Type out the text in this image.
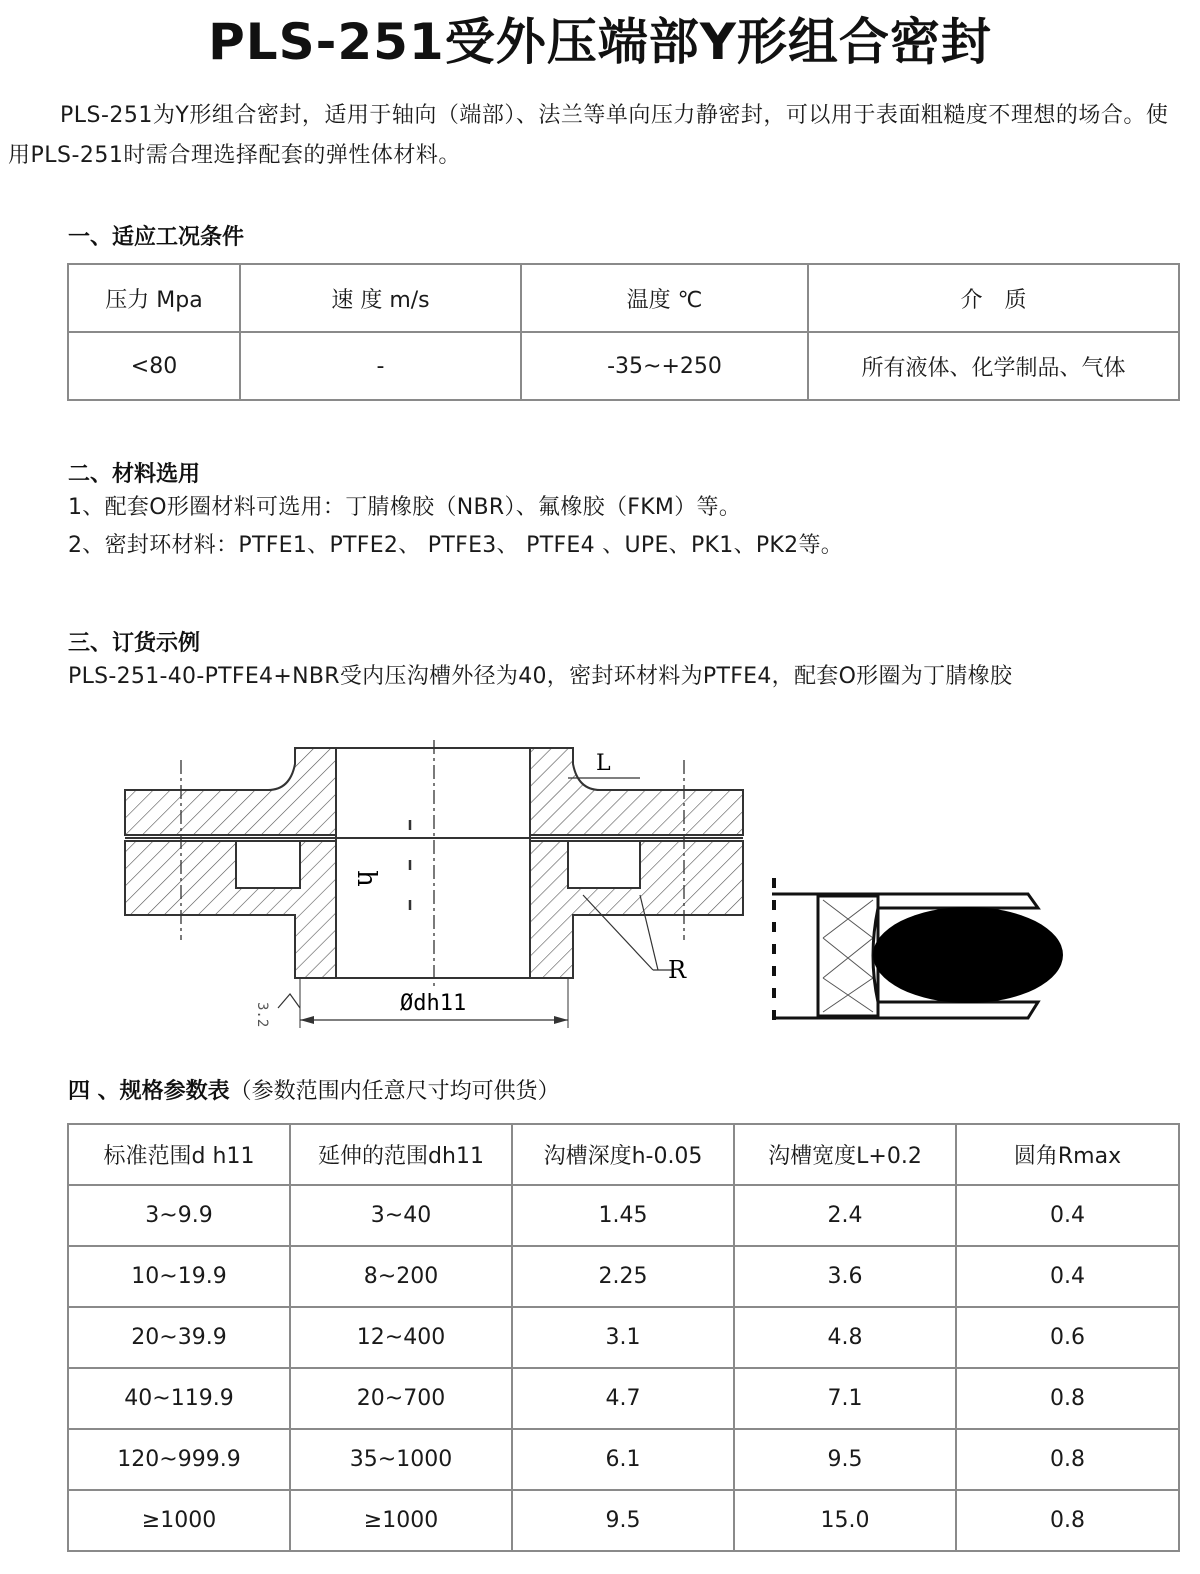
PLS-251受外压端部Y形组合密封
PLS-251为Y形组合密封，适用于轴向（端部）、法兰等单向压力静密封，可以用于表面粗糙度不理想的场合。使用PLS-251时需合理选择配套的弹性体材料。
一、适应工况条件
压力 Mpa	速 度 m/s	温度 ℃	介　质
<80	-	-35~+250	所有液体、化学制品、气体
二、材料选用
1、配套O形圈材料可选用：丁腈橡胶（NBR）、氟橡胶（FKM）等。
2、密封环材料：PTFE1、PTFE2、 PTFE3、 PTFE4 、UPE、PK1、PK2等。
三、订货示例
PLS-251-40-PTFE4+NBR受内压沟槽外径为40，密封环材料为PTFE4，配套O形圈为丁腈橡胶
h
L
R
Ødh11
3.2
四 、规格参数表（参数范围内任意尺寸均可供货）
标准范围d h11	延伸的范围dh11	沟槽深度h-0.05	沟槽宽度L+0.2	圆角Rmax
3~9.9	3~40	1.45	2.4	0.4
10~19.9	8~200	2.25	3.6	0.4
20~39.9	12~400	3.1	4.8	0.6
40~119.9	20~700	4.7	7.1	0.8
120~999.9	35~1000	6.1	9.5	0.8
≥1000	≥1000	9.5	15.0	0.8
